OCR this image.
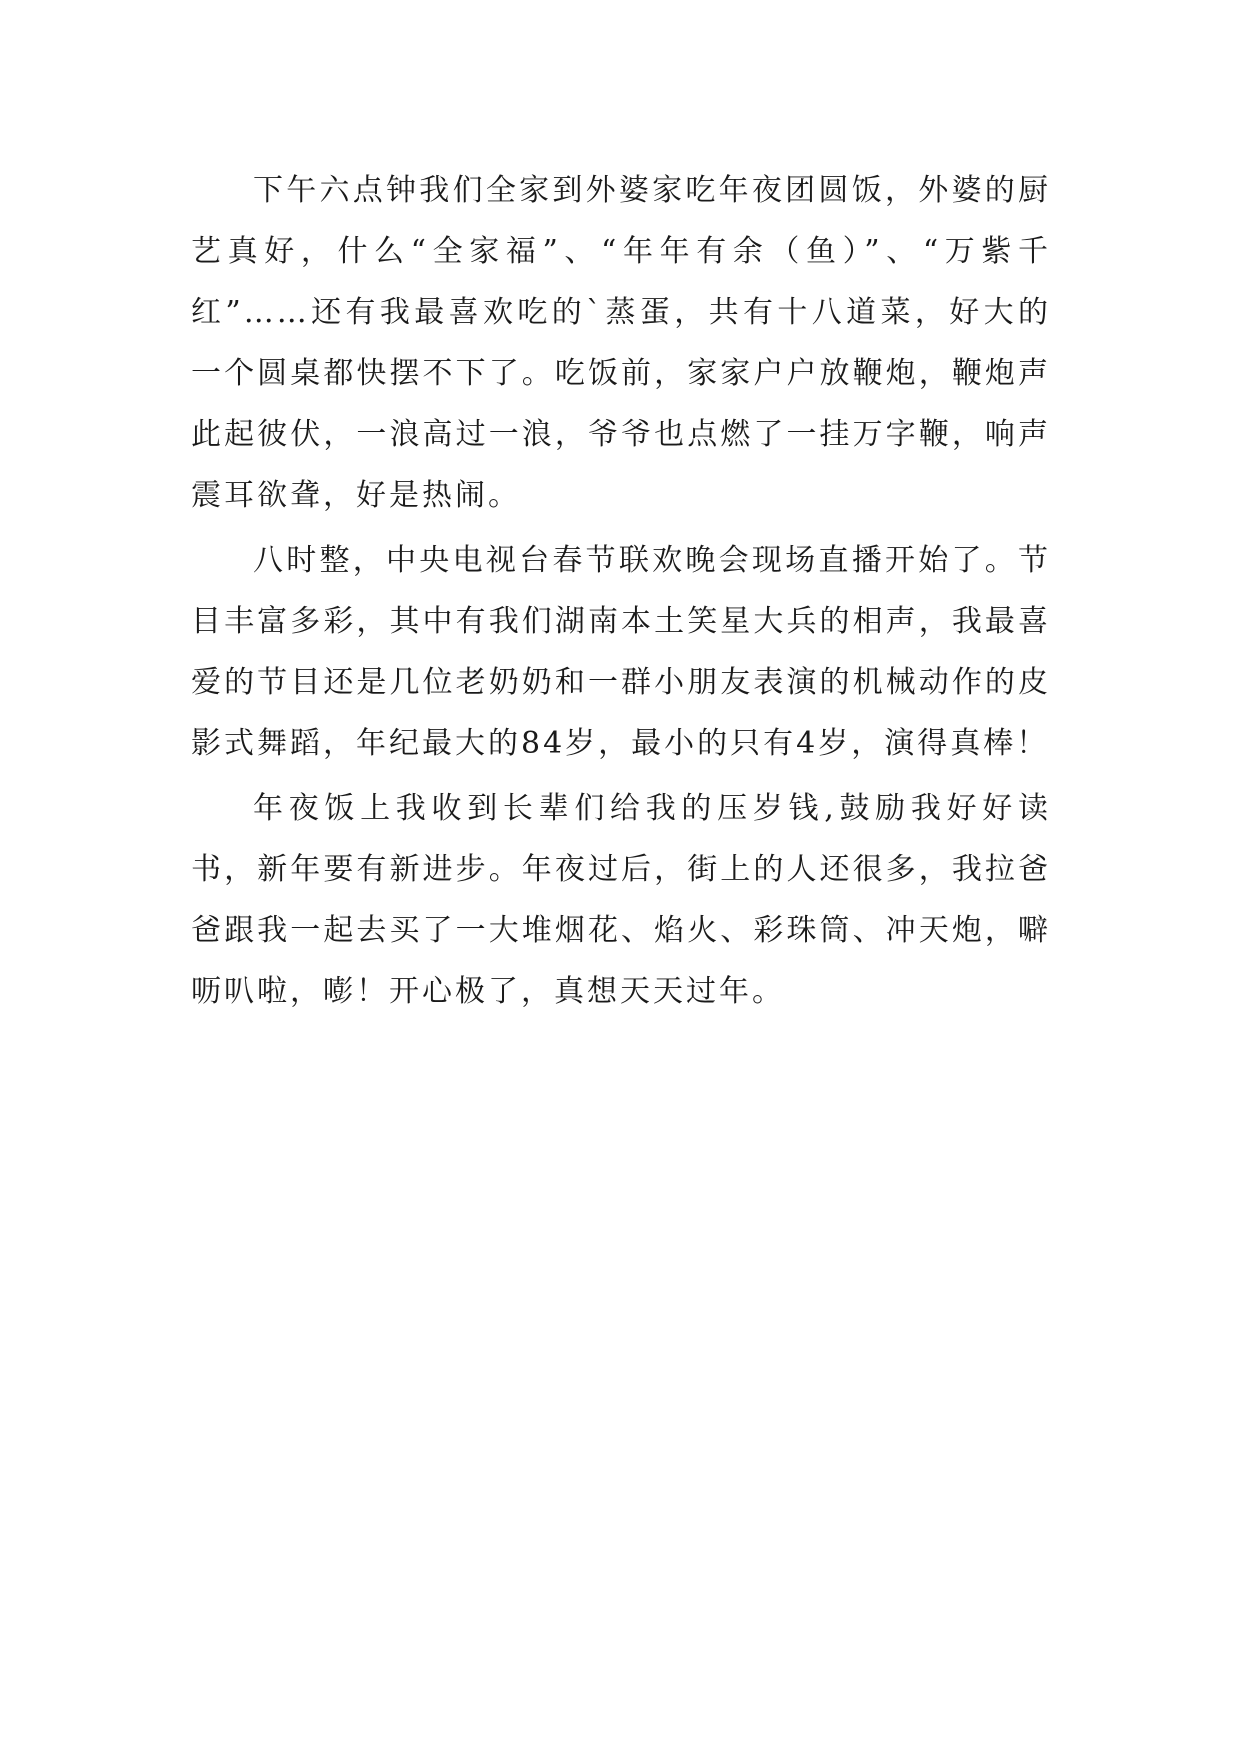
下午六点钟我们全家到外婆家吃年夜团圆饭，外婆的厨艺真好，什么“全家福”、“年年有余（鱼）”、“万紫千红”……还有我最喜欢吃的`蒸蛋，共有十八道菜，好大的一个圆桌都快摆不下了。吃饭前，家家户户放鞭炮，鞭炮声此起彼伏，一浪高过一浪，爷爷也点燃了一挂万字鞭，响声震耳欲聋，好是热闹。

八时整，中央电视台春节联欢晚会现场直播开始了。节目丰富多彩，其中有我们湖南本土笑星大兵的相声，我最喜爱的节目还是几位老奶奶和一群小朋友表演的机械动作的皮影式舞蹈，年纪最大的84岁，最小的只有4岁，演得真棒！

年夜饭上我收到长辈们给我的压岁钱,鼓励我好好读书，新年要有新进步。年夜过后，街上的人还很多，我拉爸爸跟我一起去买了一大堆烟花、焰火、彩珠筒、冲天炮，噼呖叭啦，嘭！开心极了，真想天天过年。
